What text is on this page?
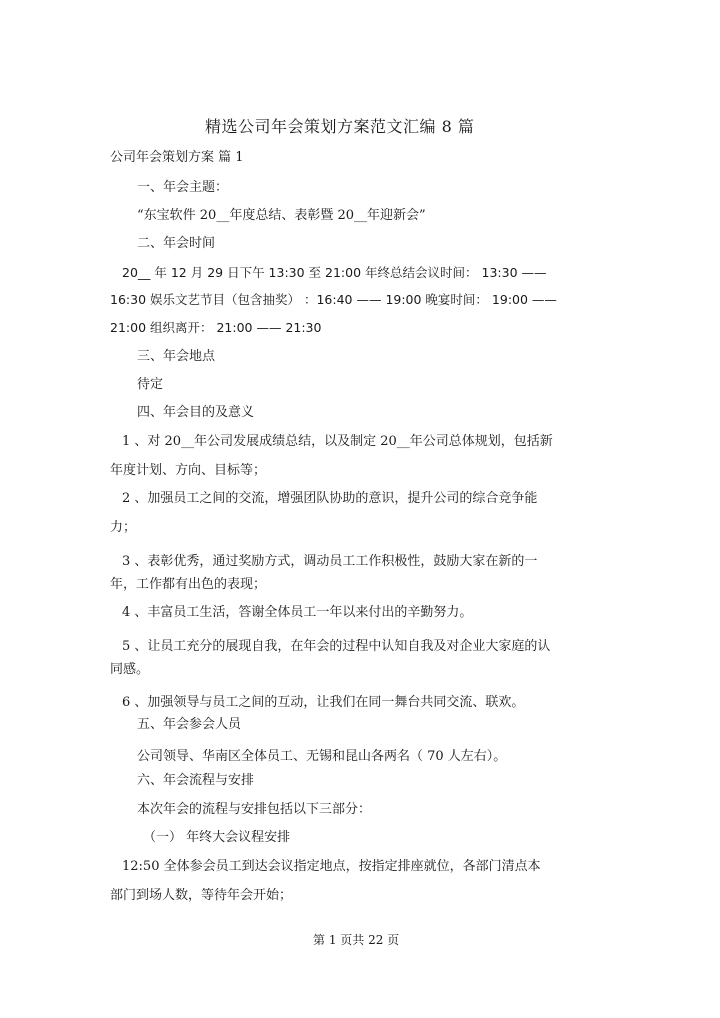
精选公司年会策划方案范文汇编 8 篇
公司年会策划方案 篇 1
一、年会主题：
“东宝软件 20__年度总结、表彰暨 20__年迎新会”
二、年会时间
20__ 年 12 月 29 日下午 13:30 至 21:00 年终总结会议时间： 13:30 ——
16:30 娱乐文艺节目（包含抽奖） ：16:40 —— 19:00 晚宴时间： 19:00 ——
21:00 组织离开： 21:00 —— 21:30
三、年会地点
待定
四、年会目的及意义
1 、对 20__年公司发展成绩总结，以及制定 20__年公司总体规划，包括新
年度计划、方向、目标等；
2 、加强员工之间的交流，增强团队协助的意识，提升公司的综合竞争能
力；
3 、表彰优秀，通过奖励方式，调动员工工作积极性，鼓励大家在新的一
年，工作都有出色的表现；
4 、丰富员工生活，答谢全体员工一年以来付出的辛勤努力。
5 、让员工充分的展现自我，在年会的过程中认知自我及对企业大家庭的认
同感。
6 、加强领导与员工之间的互动，让我们在同一舞台共同交流、联欢。
五、年会参会人员
公司领导、华南区全体员工、无锡和昆山各两名（ 70 人左右）。
六、年会流程与安排
本次年会的流程与安排包括以下三部分：
（一） 年终大会议程安排
12:50 全体参会员工到达会议指定地点，按指定排座就位，各部门清点本
部门到场人数，等待年会开始；
第 1 页共 22 页
